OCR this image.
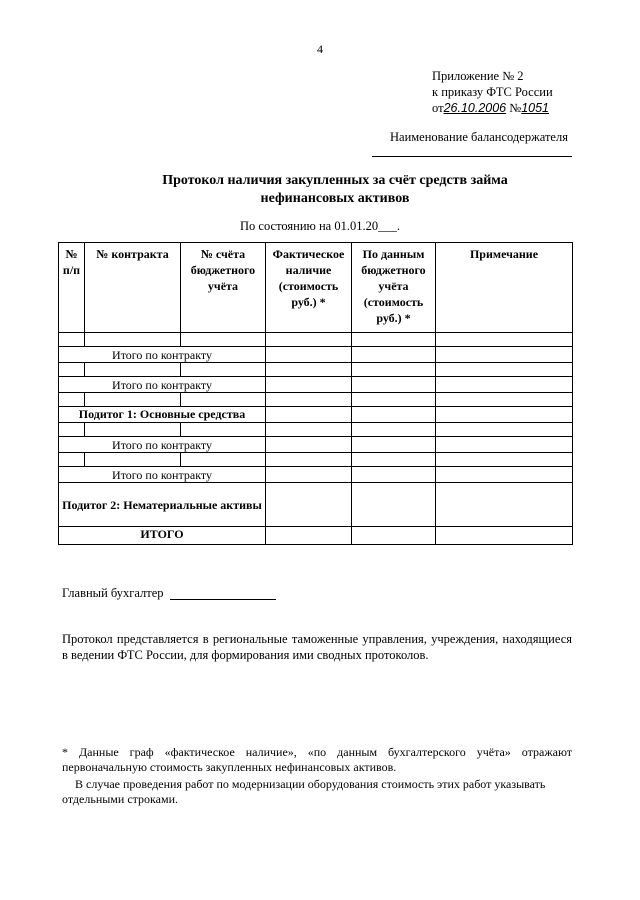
4
Приложение № 2
к приказу ФТС России
от26.10.2006 №1051
Наименование балансодержателя
Протокол наличия закупленных за счёт средств займа
нефинансовых активов
По состоянию на 01.01.20___.
№ п/п	№ контракта	№ счёта бюджетного учёта	Фактическое наличие (стоимость руб.) *	По данным бюджетного учёта (стоимость руб.) *	Примечание

Итого по контракту					

Итого по контракту					

Подитог 1: Основные средства					

Итого по контракту					

Итого по контракту					
Подитог 2: Нематериальные активы					
ИТОГО					
Главный бухгалтер
Протокол представляется в региональные таможенные управления, учреждения, находящиеся в ведении ФТС России, для формирования ими сводных протоколов.
* Данные граф «фактическое наличие», «по данным бухгалтерского учёта» отражают первоначальную стоимость закупленных нефинансовых активов.
В случае проведения работ по модернизации оборудования стоимость этих работ указывать отдельными строками.
